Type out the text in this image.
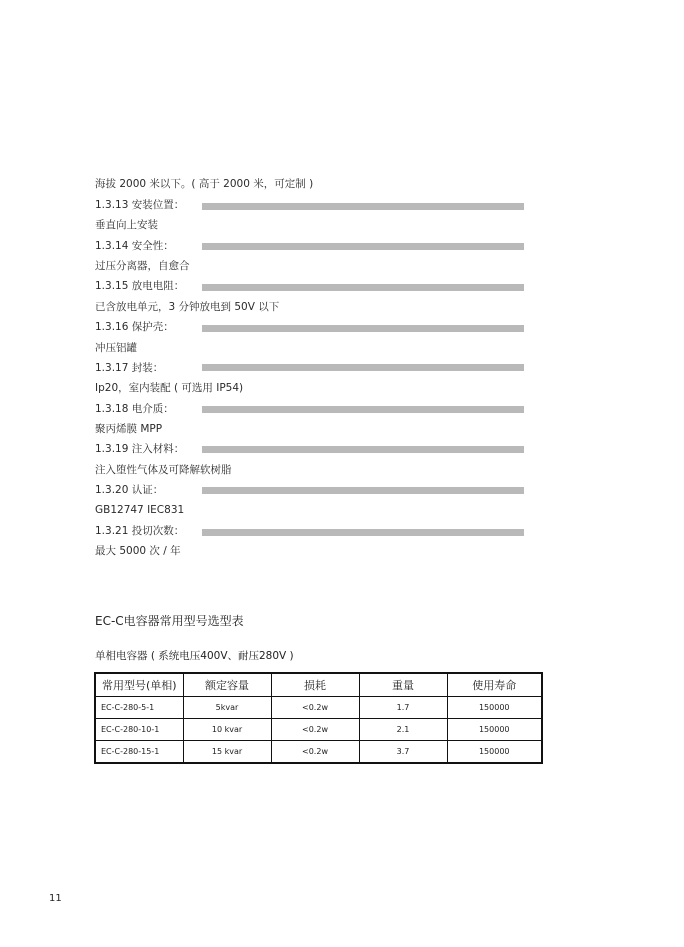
海拔 2000 米以下。( 高于 2000 米，可定制 )
1.3.13 安装位置：
垂直向上安装
1.3.14 安全性：
过压分离器，自愈合
1.3.15 放电电阻：
已含放电单元，3 分钟放电到 50V 以下
1.3.16 保护壳：
冲压铝罐
1.3.17 封装：
Ip20，室内装配 ( 可选用 IP54)
1.3.18 电介质：
聚丙烯膜 MPP
1.3.19 注入材料：
注入堕性气体及可降解软树脂
1.3.20 认证：
GB12747 IEC831
1.3.21 投切次数：
最大 5000 次 / 年
EC-C电容器常用型号选型表
单相电容器 ( 系统电压400V、耐压280V )
常用型号(单相)	额定容量	损耗	重量	使用寿命
EC-C-280-5-1	5kvar	<0.2w	1.7	150000
EC-C-280-10-1	10 kvar	<0.2w	2.1	150000
EC-C-280-15-1	15 kvar	<0.2w	3.7	150000
11
